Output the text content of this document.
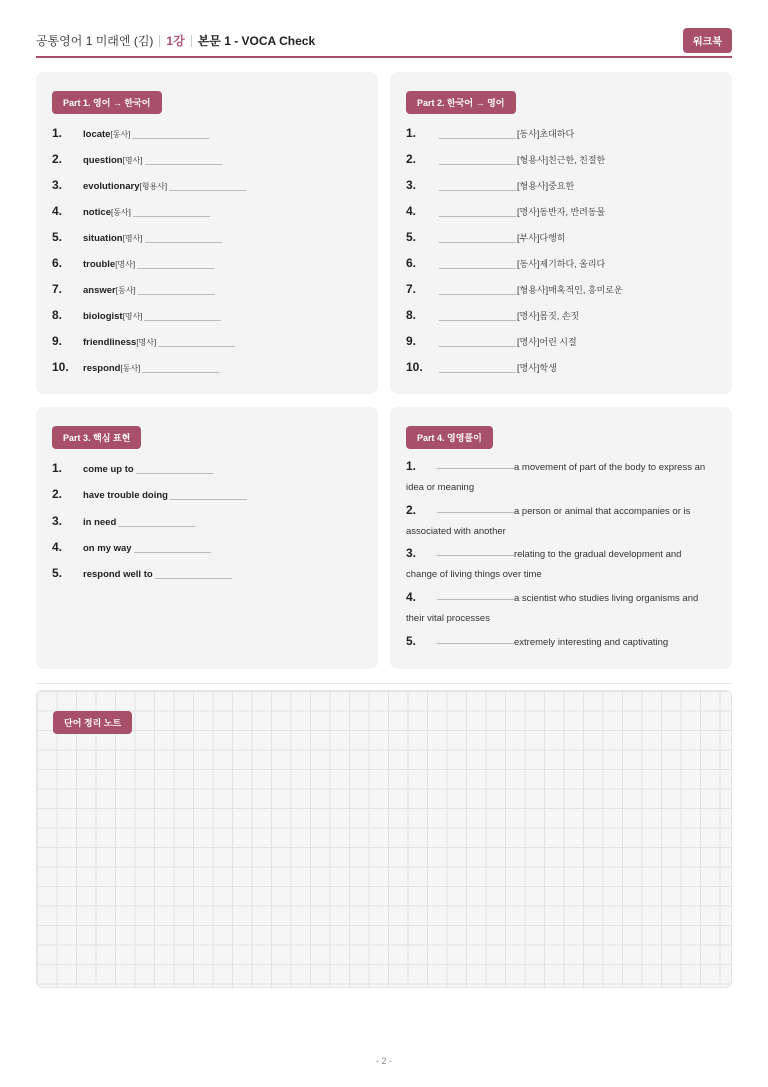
공통영어 1 미래엔 (김) 1강 본문 1 - VOCA Check	워크북
Part 1. 영어 → 한국어
1.	locate [동사]
2.	question [명사]
3.	evolutionary [형용사]
4.	notice [동사]
5.	situation [명사]
6.	trouble [명사]
7.	answer [동사]
8.	biologist [명사]
9.	friendliness [명사]
10.	respond [동사]
Part 2. 한국어 → 영어
1.	[동사]초대하다
2.	[형용사]친근한, 친절한
3.	[형용사]중요한
4.	[명사]동반자, 반려동물
5.	[부사]다행히
6.	[동사]제기하다, 올리다
7.	[형용사]매혹적인, 흥미로운
8.	[명사]몸짓, 손짓
9.	[명사]어린 시절
10.	[명사]학생
Part 3. 핵심 표현
1.	come up to
2.	have trouble doing
3.	in need
4.	on my way
5.	respond well to
Part 4. 영영풀이
1.	a movement of part of the body to express an
idea or meaning
2.	a person or animal that accompanies or is
associated with another
3.	relating to the gradual development and
change of living things over time
4.	a scientist who studies living organisms and
their vital processes
5.	extremely interesting and captivating
단어 정리 노트
- 2 -
